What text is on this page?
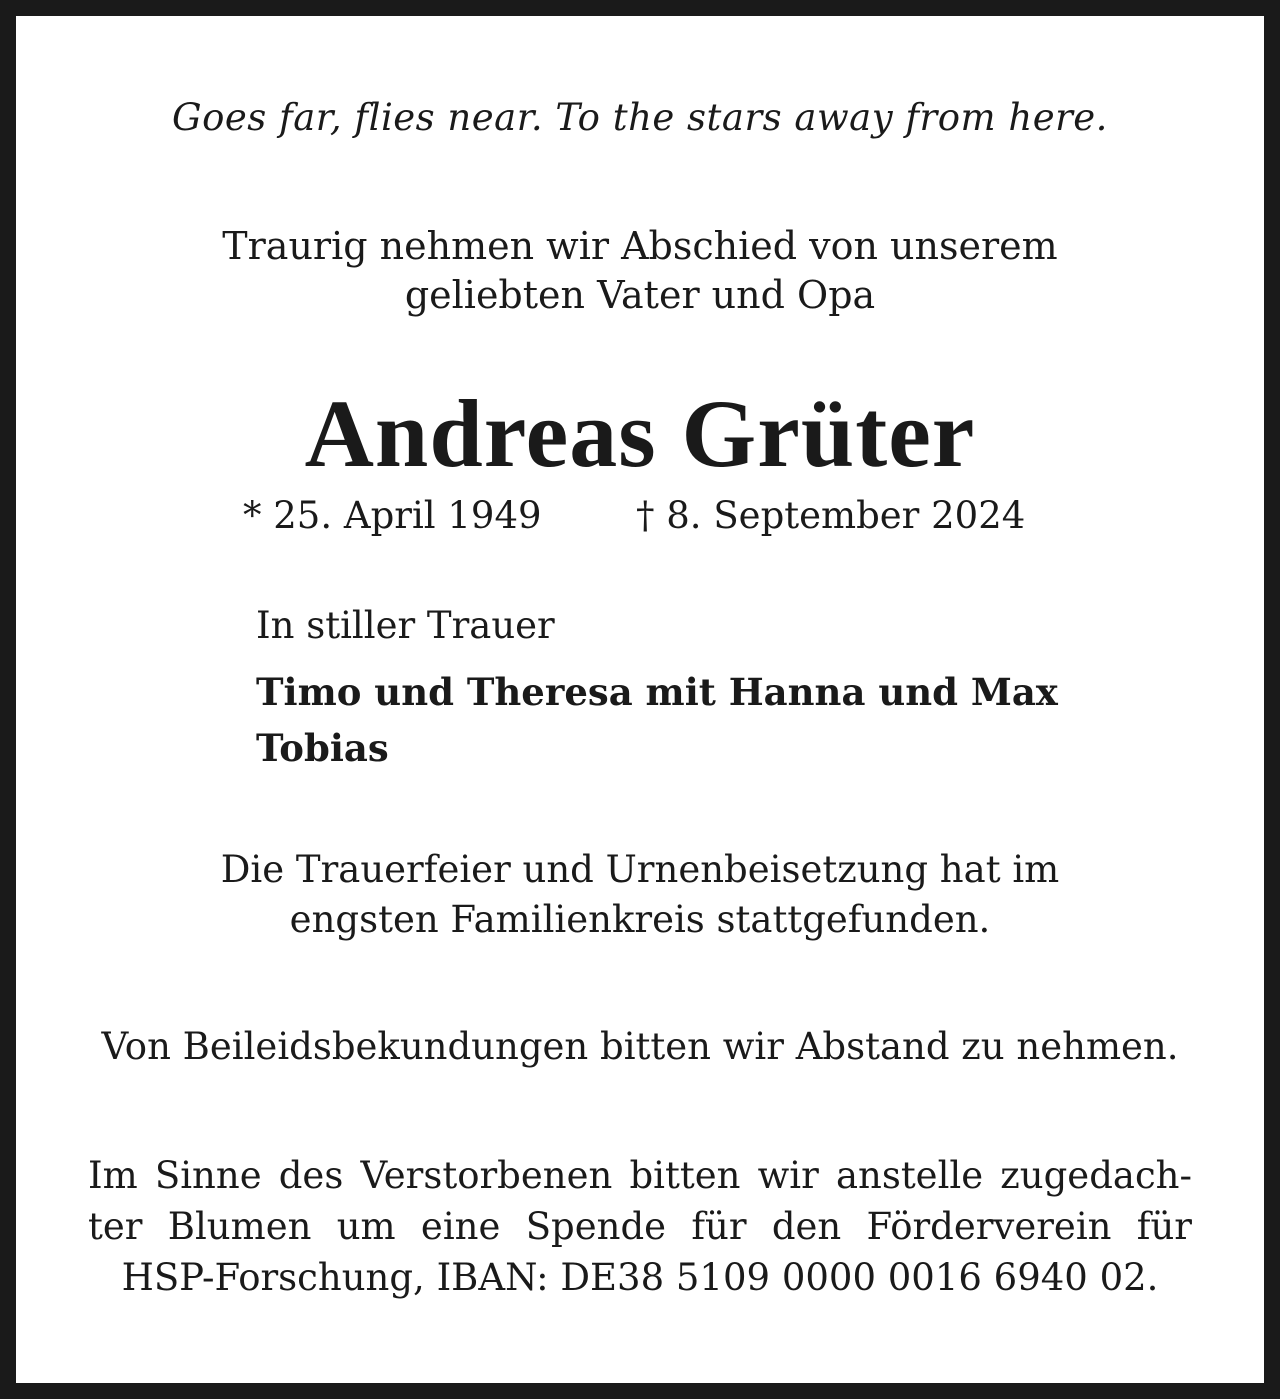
Goes far, flies near. To the stars away from here.
Traurig nehmen wir Abschied von unserem
geliebten Vater und Opa
Andreas Grüter
* 25. April 1949	† 8. September 2024
In stiller Trauer
Timo und Theresa mit Hanna und Max
Tobias
Die Trauerfeier und Urnenbeisetzung hat im
engsten Familienkreis stattgefunden.
Von Beileidsbekundungen bitten wir Abstand zu nehmen.
Im Sinne des Verstorbenen bitten wir anstelle zugedach-
ter Blumen um eine Spende für den Förderverein für
HSP-Forschung, IBAN: DE38 5109 0000 0016 6940 02.
